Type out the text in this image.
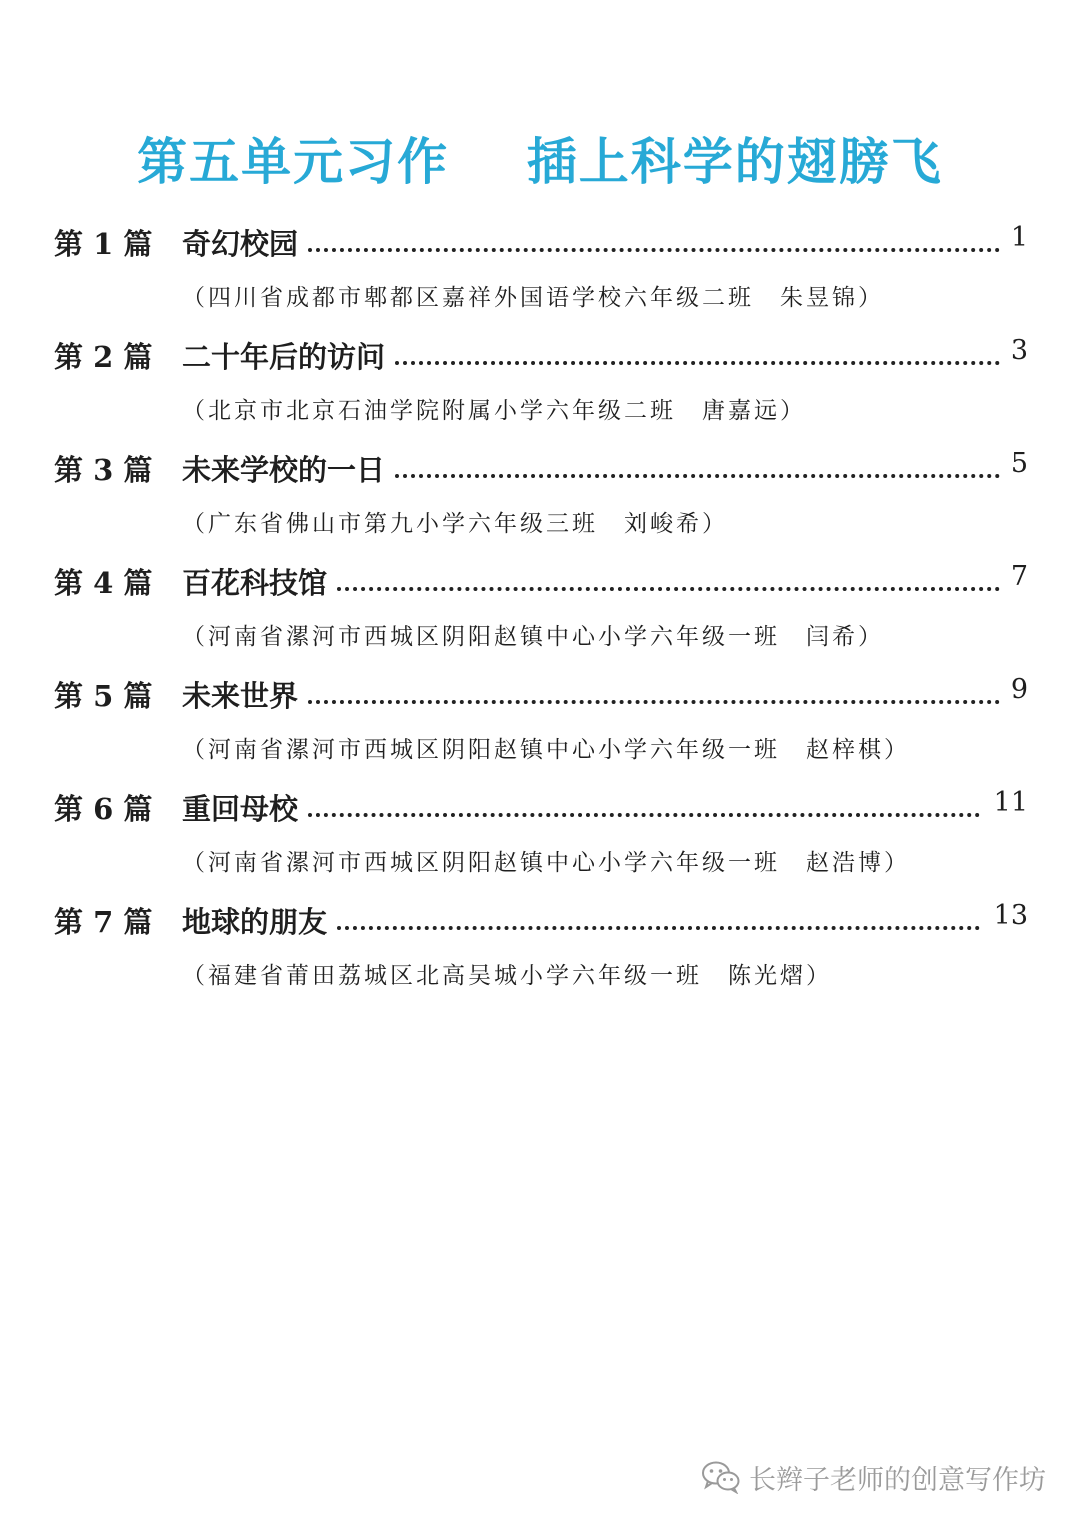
第五单元习作    插上科学的翅膀飞
第 1 篇 奇幻校园	1
（四川省成都市郫都区嘉祥外国语学校六年级二班　朱昱锦）
第 2 篇 二十年后的访问	3
（北京市北京石油学院附属小学六年级二班　唐嘉远）
第 3 篇 未来学校的一日	5
（广东省佛山市第九小学六年级三班　刘峻希）
第 4 篇 百花科技馆	7
（河南省漯河市西城区阴阳赵镇中心小学六年级一班　闫希）
第 5 篇 未来世界	9
（河南省漯河市西城区阴阳赵镇中心小学六年级一班　赵梓棋）
第 6 篇 重回母校	11
（河南省漯河市西城区阴阳赵镇中心小学六年级一班　赵浩博）
第 7 篇 地球的朋友	13
（福建省莆田荔城区北高吴城小学六年级一班　陈光熠）
长辫子老师的创意写作坊
